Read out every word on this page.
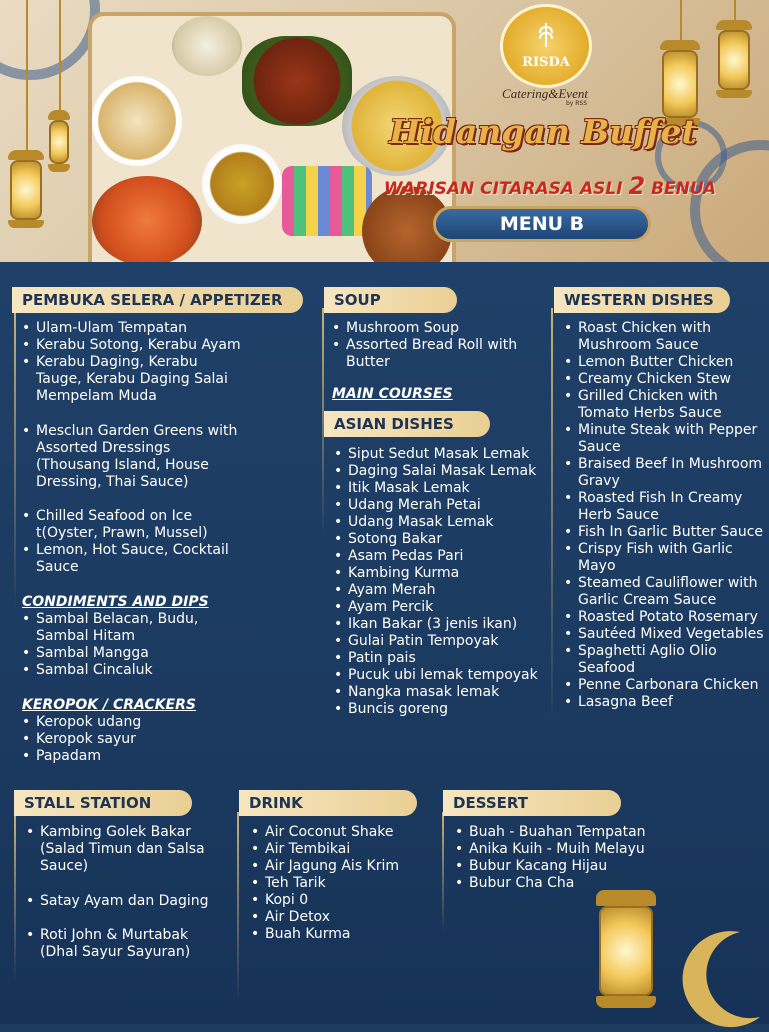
RISDA
Catering&Event
by RSS
Hidangan Buffet
WARISAN CITARASA ASLI 2 BENUA
MENU B
PEMBUKA SELERA / APPETIZER
• Ulam-Ulam Tempatan
• Kerabu Sotong, Kerabu Ayam
• Kerabu Daging, Kerabu Tauge, Kerabu Daging Salai Mempelam Muda
• Mesclun Garden Greens with Assorted Dressings (Thousang Island, House Dressing, Thai Sauce)
• Chilled Seafood on Ice t(Oyster, Prawn, Mussel)
• Lemon, Hot Sauce, Cocktail Sauce
CONDIMENTS AND DIPS
• Sambal Belacan, Budu, Sambal Hitam
• Sambal Mangga
• Sambal Cincaluk
KEROPOK / CRACKERS
• Keropok udang
• Keropok sayur
• Papadam
SOUP
• Mushroom Soup
• Assorted Bread Roll with Butter
MAIN COURSES
ASIAN DISHES
• Siput Sedut Masak Lemak
• Daging Salai Masak Lemak
• Itik Masak Lemak
• Udang Merah Petai
• Udang Masak Lemak
• Sotong Bakar
• Asam Pedas Pari
• Kambing Kurma
• Ayam Merah
• Ayam Percik
• Ikan Bakar (3 jenis ikan)
• Gulai Patin Tempoyak
• Patin pais
• Pucuk ubi lemak tempoyak
• Nangka masak lemak
• Buncis goreng
WESTERN DISHES
• Roast Chicken with Mushroom Sauce
• Lemon Butter Chicken
• Creamy Chicken Stew
• Grilled Chicken with Tomato Herbs Sauce
• Minute Steak with Pepper Sauce
• Braised Beef In Mushroom Gravy
• Roasted Fish In Creamy Herb Sauce
• Fish In Garlic Butter Sauce
• Crispy Fish with Garlic Mayo
• Steamed Cauliflower with Garlic Cream Sauce
• Roasted Potato Rosemary
• Sautéed Mixed Vegetables
• Spaghetti Aglio Olio Seafood
• Penne Carbonara Chicken
• Lasagna Beef
STALL STATION
• Kambing Golek Bakar (Salad Timun dan Salsa Sauce)
• Satay Ayam dan Daging
• Roti John & Murtabak (Dhal Sayur Sayuran)
DRINK
• Air Coconut Shake
• Air Tembikai
• Air Jagung Ais Krim
• Teh Tarik
• Kopi 0
• Air Detox
• Buah Kurma
DESSERT
• Buah - Buahan Tempatan
• Anika Kuih - Muih Melayu
• Bubur Kacang Hijau
• Bubur Cha Cha
